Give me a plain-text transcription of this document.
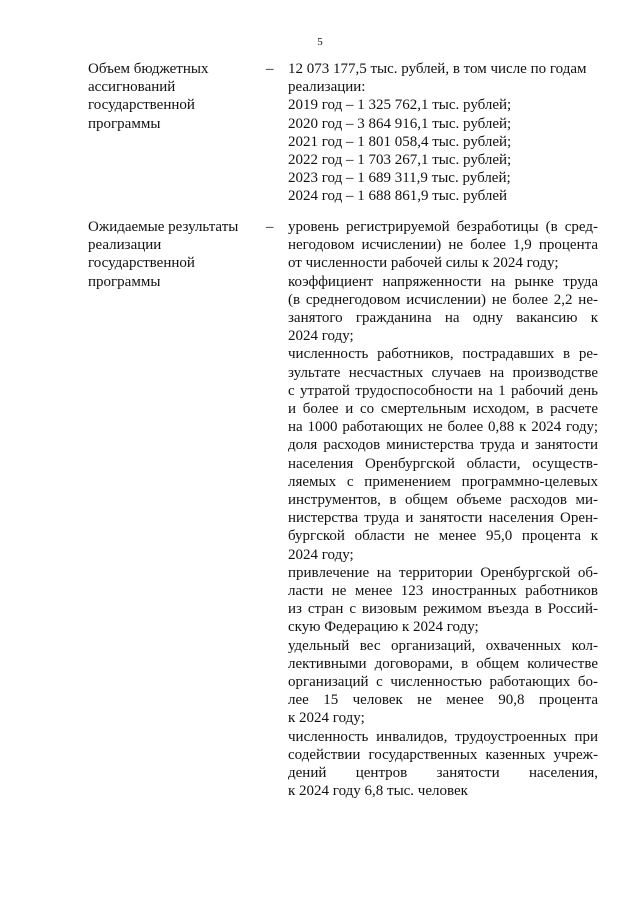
5
Объем бюджетных
ассигнований
государственной
программы
– 12 073 177,5 тыс. рублей, в том числе по годам
реализации:
2019 год – 1 325 762,1 тыс. рублей;
2020 год – 3 864 916,1 тыс. рублей;
2021 год – 1 801 058,4 тыс. рублей;
2022 год – 1 703 267,1 тыс. рублей;
2023 год – 1 689 311,9 тыс. рублей;
2024 год – 1 688 861,9 тыс. рублей
Ожидаемые результаты
реализации
государственной
программы
– уровень регистрируемой безработицы (в сред-
негодовом исчислении) не более 1,9 процента
от численности рабочей силы к 2024 году;
коэффициент напряженности на рынке труда
(в среднегодовом исчислении) не более 2,2 не-
занятого гражданина на одну вакансию к
2024 году;
численность работников, пострадавших в ре-
зультате несчастных случаев на производстве
с утратой трудоспособности на 1 рабочий день
и более и со смертельным исходом, в расчете
на 1000 работающих не более 0,88 к 2024 году;
доля расходов министерства труда и занятости
населения Оренбургской области, осуществ-
ляемых с применением программно-целевых
инструментов, в общем объеме расходов ми-
нистерства труда и занятости населения Орен-
бургской области не менее 95,0 процента к
2024 году;
привлечение на территории Оренбургской об-
ласти не менее 123 иностранных работников
из стран с визовым режимом въезда в Россий-
скую Федерацию к 2024 году;
удельный вес организаций, охваченных кол-
лективными договорами, в общем количестве
организаций с численностью работающих бо-
лее 15 человек не менее 90,8 процента
к 2024 году;
численность инвалидов, трудоустроенных при
содействии государственных казенных учреж-
дений центров занятости населения,
к 2024 году 6,8 тыс. человек
